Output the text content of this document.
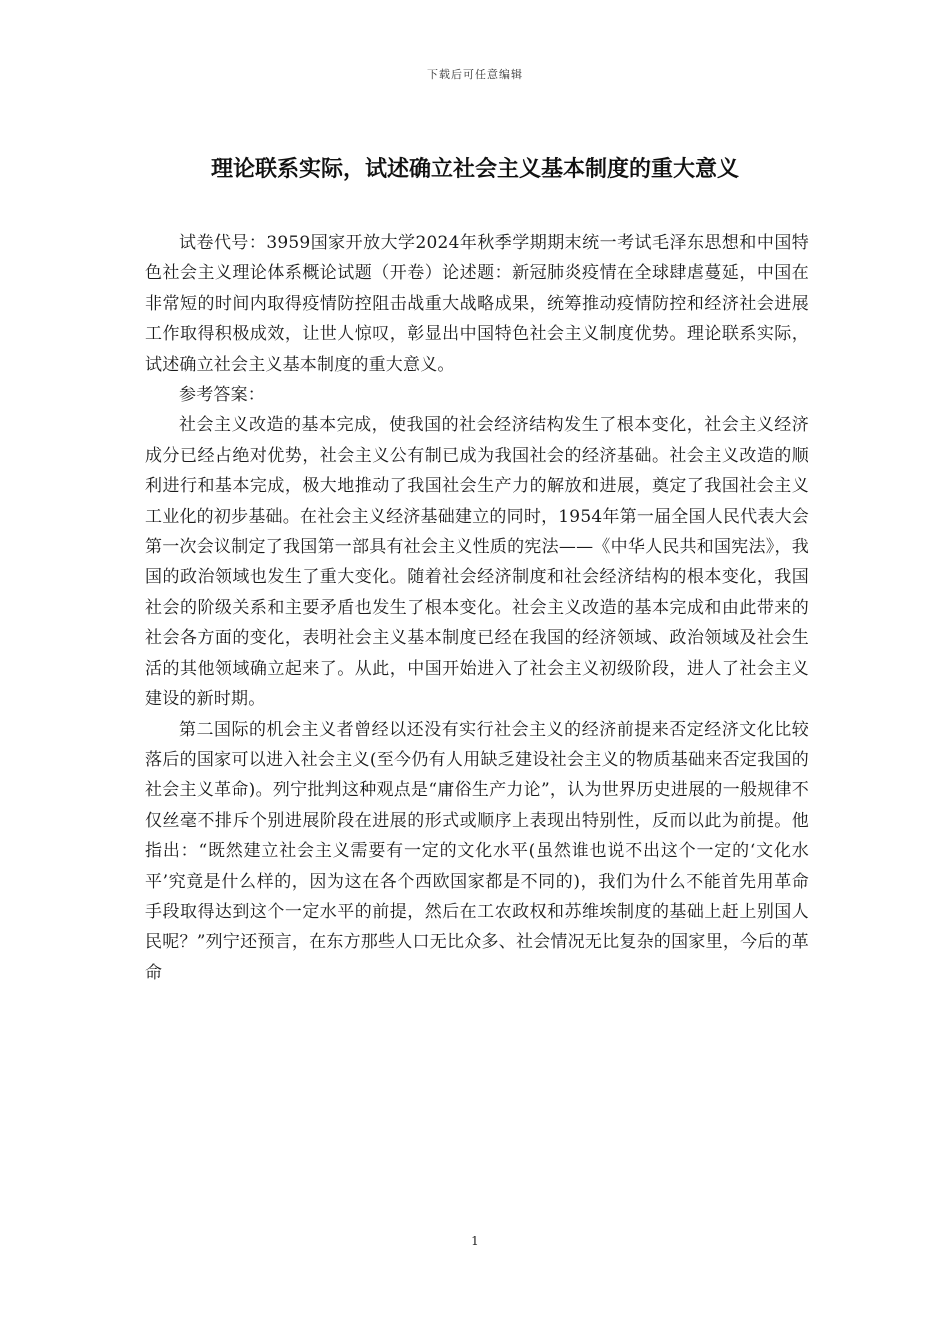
下载后可任意编辑
理论联系实际，试述确立社会主义基本制度的重大意义

试卷代号：3959国家开放大学2024年秋季学期期末统一考试毛泽东思想和中国特色社会主义理论体系概论试题（开卷）论述题：新冠肺炎疫情在全球肆虐蔓延，中国在非常短的时间内取得疫情防控阻击战重大战略成果，统筹推动疫情防控和经济社会进展工作取得积极成效，让世人惊叹，彰显出中国特色社会主义制度优势。理论联系实际，试述确立社会主义基本制度的重大意义。

参考答案：

社会主义改造的基本完成，使我国的社会经济结构发生了根本变化，社会主义经济成分已经占绝对优势，社会主义公有制已成为我国社会的经济基础。社会主义改造的顺利进行和基本完成，极大地推动了我国社会生产力的解放和进展，奠定了我国社会主义工业化的初步基础。在社会主义经济基础建立的同时，1954年第一届全国人民代表大会第一次会议制定了我国第一部具有社会主义性质的宪法——《中华人民共和国宪法》，我国的政治领域也发生了重大变化。随着社会经济制度和社会经济结构的根本变化，我国社会的阶级关系和主要矛盾也发生了根本变化。社会主义改造的基本完成和由此带来的社会各方面的变化，表明社会主义基本制度已经在我国的经济领域、政治领域及社会生活的其他领域确立起来了。从此，中国开始进入了社会主义初级阶段，进人了社会主义建设的新时期。

第二国际的机会主义者曾经以还没有实行社会主义的经济前提来否定经济文化比较落后的国家可以进入社会主义(至今仍有人用缺乏建设社会主义的物质基础来否定我国的社会主义革命)。列宁批判这种观点是“庸俗生产力论”，认为世界历史进展的一般规律不仅丝毫不排斥个别进展阶段在进展的形式或顺序上表现出特别性，反而以此为前提。他指出：“既然建立社会主义需要有一定的文化水平(虽然谁也说不出这个一定的‘文化水平’究竟是什么样的，因为这在各个西欧国家都是不同的)，我们为什么不能首先用革命手段取得达到这个一定水平的前提，然后在工农政权和苏维埃制度的基础上赶上别国人民呢？”列宁还预言，在东方那些人口无比众多、社会情况无比复杂的国家里，今后的革命

1
